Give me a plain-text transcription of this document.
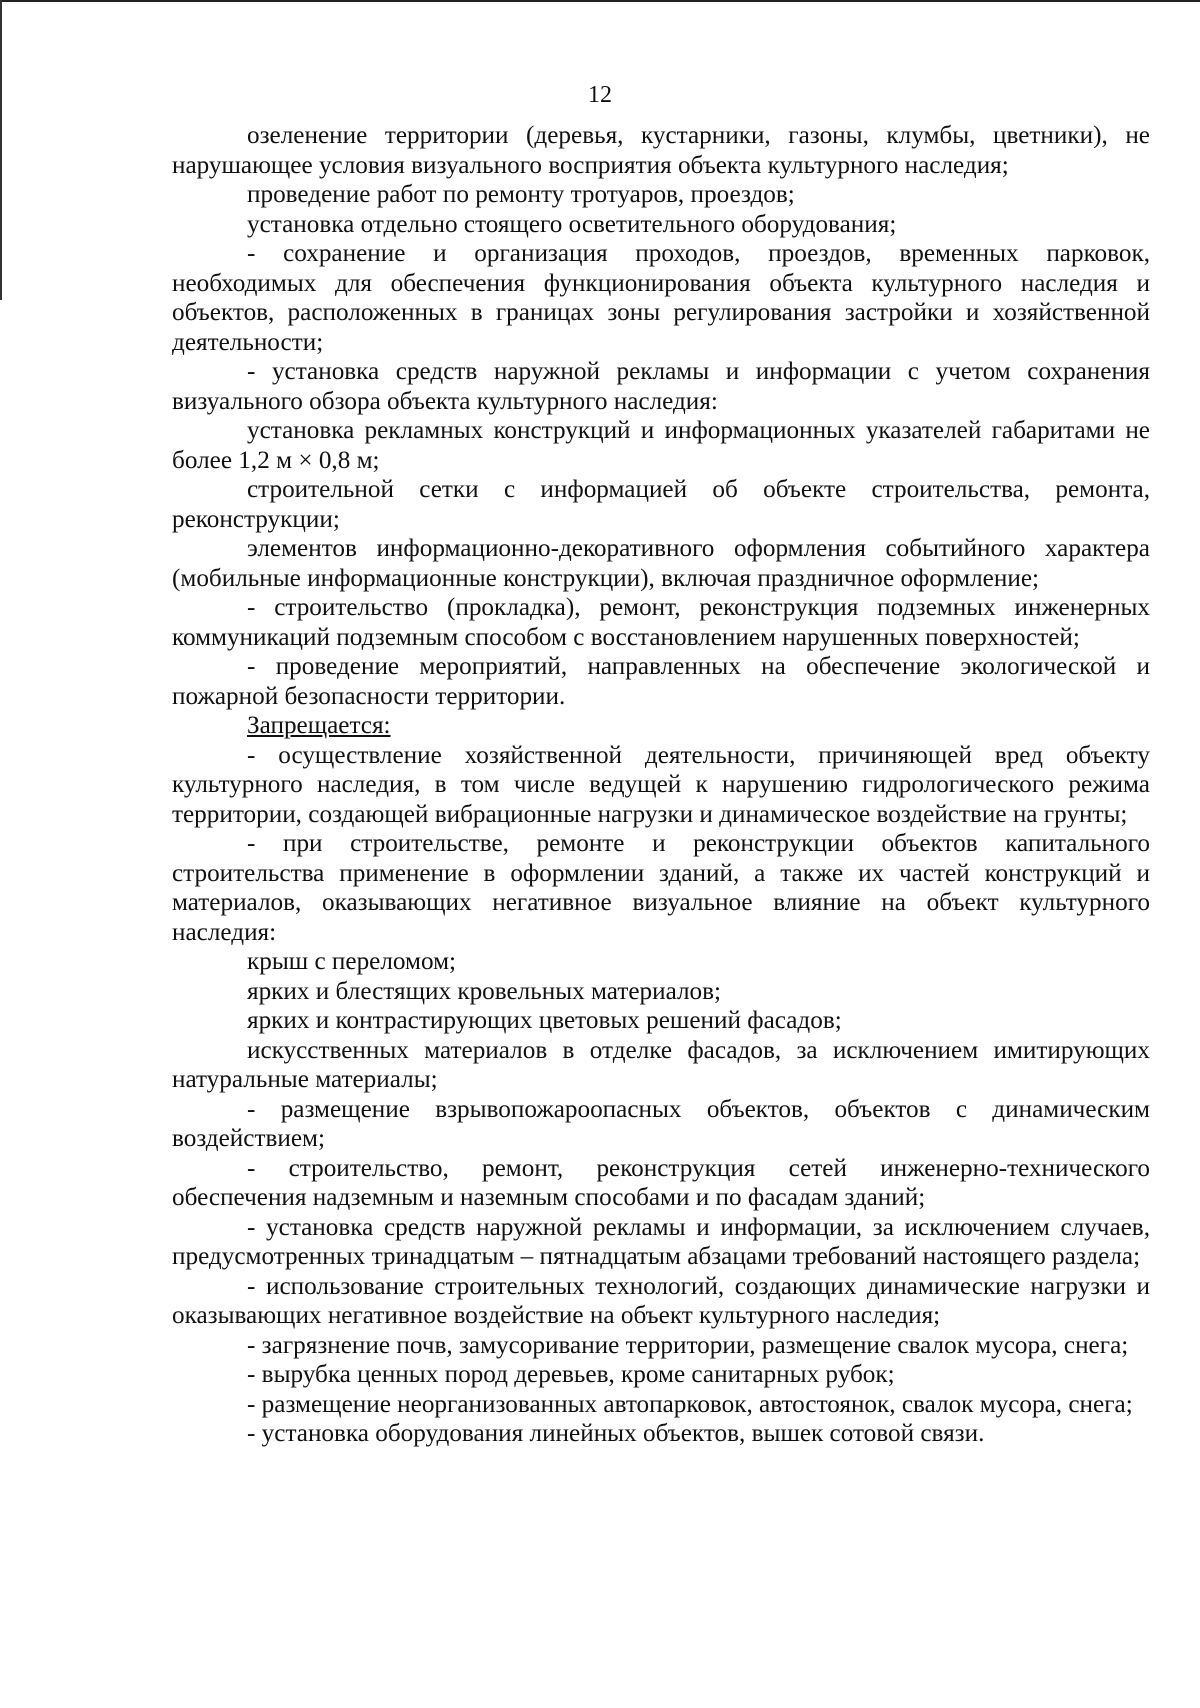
12

озеленение территории (деревья, кустарники, газоны, клумбы, цветники), не нарушающее условия визуального восприятия объекта культурного наследия;

проведение работ по ремонту тротуаров, проездов;

установка отдельно стоящего осветительного оборудования;

- сохранение и организация проходов, проездов, временных парковок, необходимых для обеспечения функционирования объекта культурного наследия и объектов, расположенных в границах зоны регулирования застройки и хозяйственной деятельности;

- установка средств наружной рекламы и информации с учетом сохранения визуального обзора объекта культурного наследия:

установка рекламных конструкций и информационных указателей габаритами не более 1,2 м × 0,8 м;

строительной сетки с информацией об объекте строительства, ремонта, реконструкции;

элементов информационно-декоративного оформления событийного характера (мобильные информационные конструкции), включая праздничное оформление;

- строительство (прокладка), ремонт, реконструкция подземных инженерных коммуникаций подземным способом с восстановлением нарушенных поверхностей;

- проведение мероприятий, направленных на обеспечение экологической и пожарной безопасности территории.

Запрещается:

- осуществление хозяйственной деятельности, причиняющей вред объекту культурного наследия, в том числе ведущей к нарушению гидрологического режима территории, создающей вибрационные нагрузки и динамическое воздействие на грунты;

- при строительстве, ремонте и реконструкции объектов капитального строительства применение в оформлении зданий, а также их частей конструкций и материалов, оказывающих негативное визуальное влияние на объект культурного наследия:

крыш с переломом;

ярких и блестящих кровельных материалов;

ярких и контрастирующих цветовых решений фасадов;

искусственных материалов в отделке фасадов, за исключением имитирующих натуральные материалы;

- размещение взрывопожароопасных объектов, объектов с динамическим воздействием;

- строительство, ремонт, реконструкция сетей инженерно-технического обеспечения надземным и наземным способами и по фасадам зданий;

- установка средств наружной рекламы и информации, за исключением случаев, предусмотренных тринадцатым – пятнадцатым абзацами требований настоящего раздела;

- использование строительных технологий, создающих динамические нагрузки и оказывающих негативное воздействие на объект культурного наследия;

- загрязнение почв, замусоривание территории, размещение свалок мусора, снега;

- вырубка ценных пород деревьев, кроме санитарных рубок;

- размещение неорганизованных автопарковок, автостоянок, свалок мусора, снега;

- установка оборудования линейных объектов, вышек сотовой связи.
